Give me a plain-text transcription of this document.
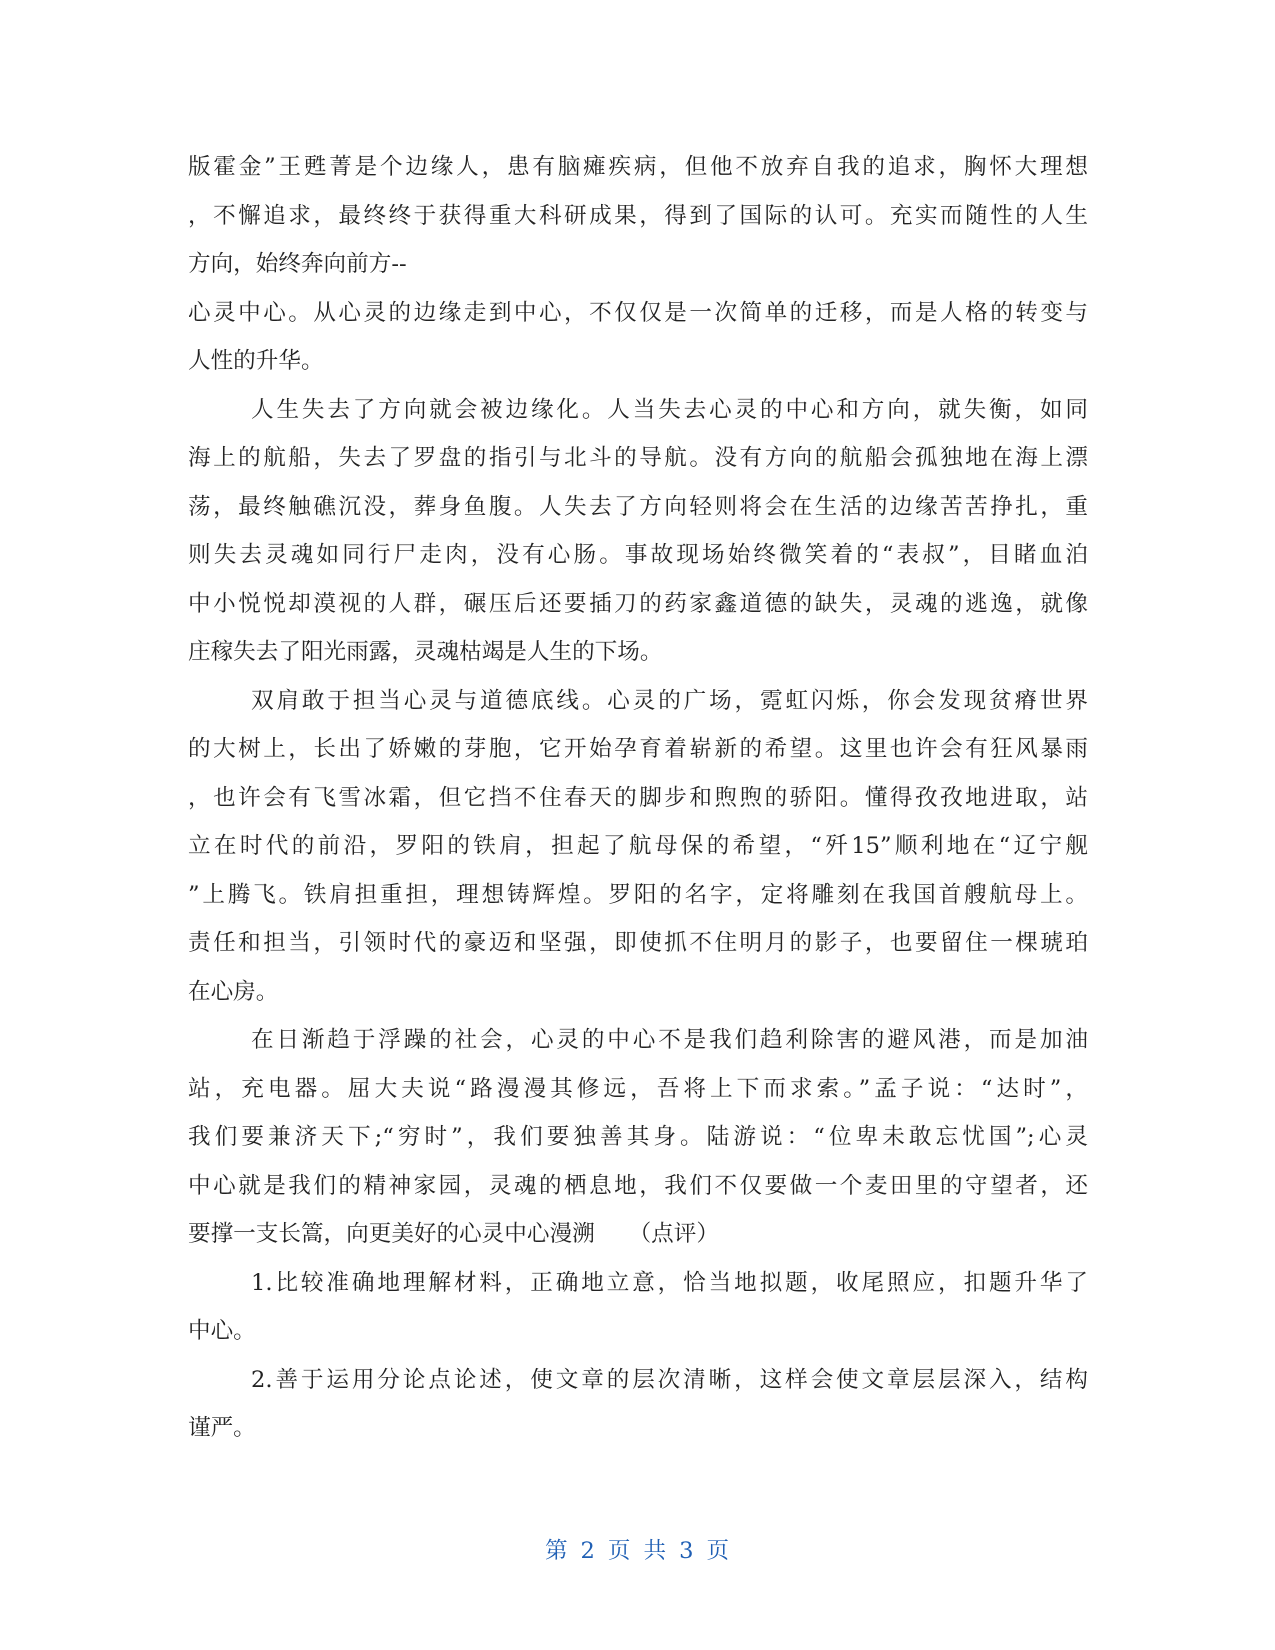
版霍金”王甦菁是个边缘人，患有脑瘫疾病，但他不放弃自我的追求，胸怀大理想
，不懈追求，最终终于获得重大科研成果，得到了国际的认可。充实而随性的人生
方向，始终奔向前方--
心灵中心。从心灵的边缘走到中心，不仅仅是一次简单的迁移，而是人格的转变与
人性的升华。
人生失去了方向就会被边缘化。人当失去心灵的中心和方向，就失衡，如同
海上的航船，失去了罗盘的指引与北斗的导航。没有方向的航船会孤独地在海上漂
荡，最终触礁沉没，葬身鱼腹。人失去了方向轻则将会在生活的边缘苦苦挣扎，重
则失去灵魂如同行尸走肉，没有心肠。事故现场始终微笑着的“表叔”，目睹血泊
中小悦悦却漠视的人群，碾压后还要插刀的药家鑫道德的缺失，灵魂的逃逸，就像
庄稼失去了阳光雨露，灵魂枯竭是人生的下场。
双肩敢于担当心灵与道德底线。心灵的广场，霓虹闪烁，你会发现贫瘠世界
的大树上，长出了娇嫩的芽胞，它开始孕育着崭新的希望。这里也许会有狂风暴雨
，也许会有飞雪冰霜，但它挡不住春天的脚步和煦煦的骄阳。懂得孜孜地进取，站
立在时代的前沿，罗阳的铁肩，担起了航母保的希望，“歼15”顺利地在“辽宁舰
”上腾飞。铁肩担重担，理想铸辉煌。罗阳的名字，定将雕刻在我国首艘航母上。
责任和担当，引领时代的豪迈和坚强，即使抓不住明月的影子，也要留住一棵琥珀
在心房。
在日渐趋于浮躁的社会，心灵的中心不是我们趋利除害的避风港，而是加油
站，充电器。屈大夫说“路漫漫其修远，吾将上下而求索。”孟子说：“达时”，
我们要兼济天下;“穷时”，我们要独善其身。陆游说：“位卑未敢忘忧国”;心灵
中心就是我们的精神家园，灵魂的栖息地，我们不仅要做一个麦田里的守望者，还
要撑一支长篙，向更美好的心灵中心漫溯　　（点评）
1.比较准确地理解材料，正确地立意，恰当地拟题，收尾照应，扣题升华了
中心。
2.善于运用分论点论述，使文章的层次清晰，这样会使文章层层深入，结构
谨严。
第 2 页 共 3 页
